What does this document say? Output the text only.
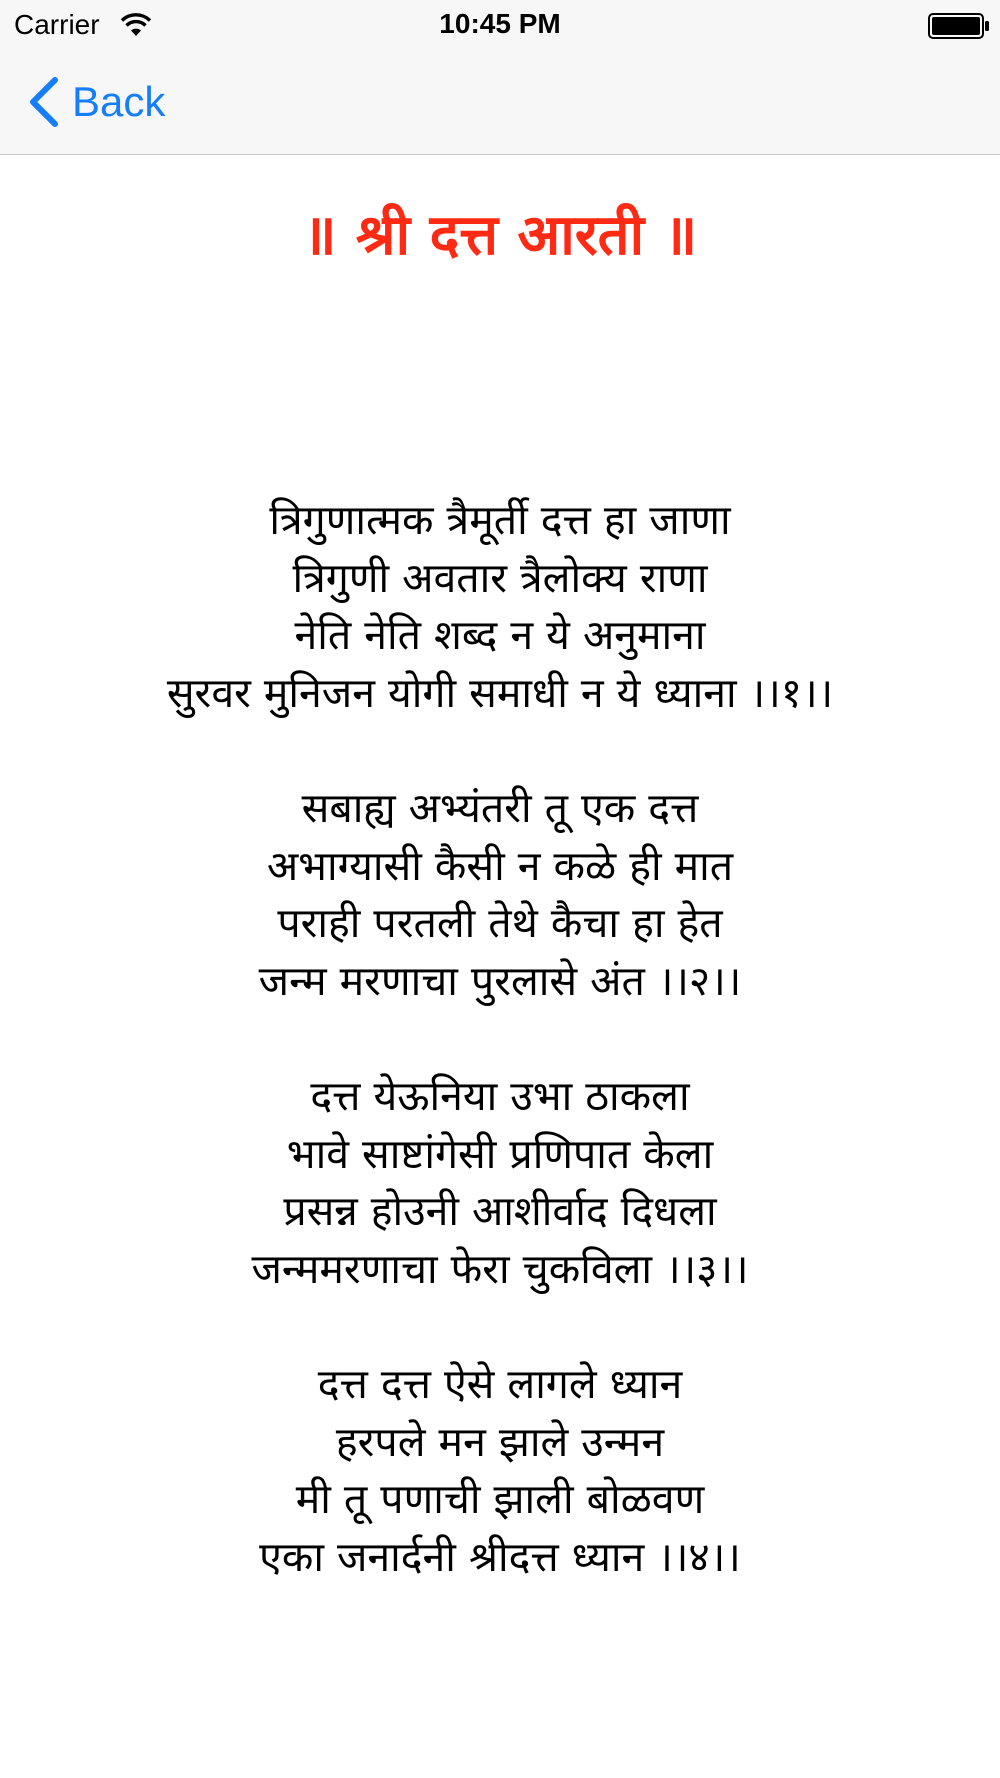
Carrier	10:45 PM
Back
॥ श्री दत्त आरती ॥
त्रिगुणात्मक त्रैमूर्ती दत्त हा जाणा
त्रिगुणी अवतार त्रैलोक्य राणा
नेति नेति शब्द न ये अनुमाना
सुरवर मुनिजन योगी समाधी न ये ध्याना ।।१।।
सबाह्य अभ्यंतरी तू एक दत्त
अभाग्यासी कैसी न कळे ही मात
पराही परतली तेथे कैचा हा हेत
जन्म मरणाचा पुरलासे अंत ।।२।।
दत्त येऊनिया उभा ठाकला
भावे साष्टांगेसी प्रणिपात केला
प्रसन्न होउनी आशीर्वाद दिधला
जन्ममरणाचा फेरा चुकविला ।।३।।
दत्त दत्त ऐसे लागले ध्यान
हरपले मन झाले उन्मन
मी तू पणाची झाली बोळवण
एका जनार्दनी श्रीदत्त ध्यान ।।४।।
